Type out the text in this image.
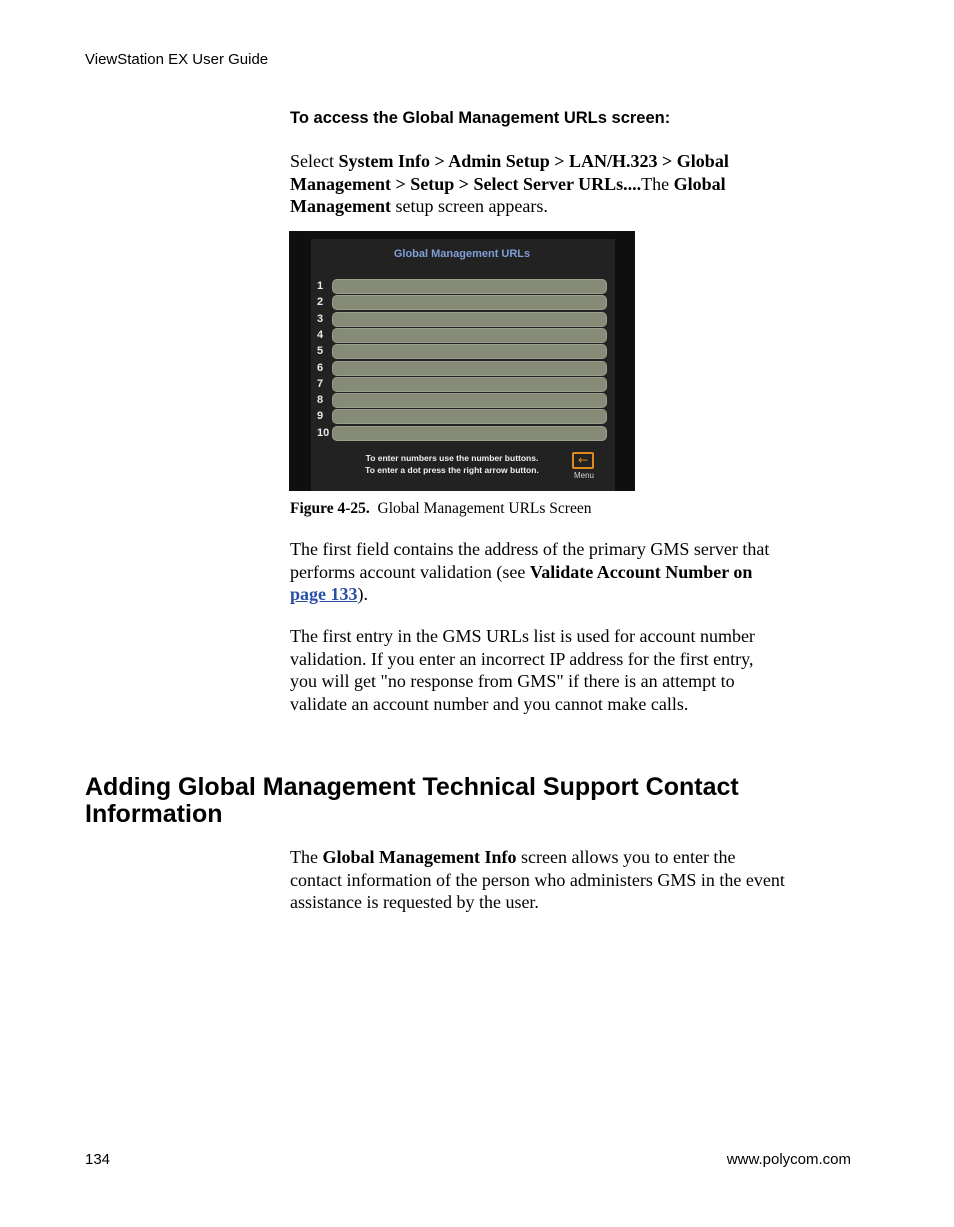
ViewStation EX User Guide
To access the Global Management URLs screen:
Select System Info > Admin Setup > LAN/H.323 > Global
Management > Setup > Select Server URLs....The Global
Management setup screen appears.
Global Management URLs
1
2
3
4
5
6
7
8
9
10
To enter numbers use the number buttons.
To enter a dot press the right arrow button.
←
Menu
Figure 4-25. Global Management URLs Screen
The first field contains the address of the primary GMS server that
performs account validation (see Validate Account Number on
page 133).
The first entry in the GMS URLs list is used for account number
validation. If you enter an incorrect IP address for the first entry,
you will get "no response from GMS" if there is an attempt to
validate an account number and you cannot make calls.
Adding Global Management Technical Support Contact
Information
The Global Management Info screen allows you to enter the
contact information of the person who administers GMS in the event
assistance is requested by the user.
134	www.polycom.com
